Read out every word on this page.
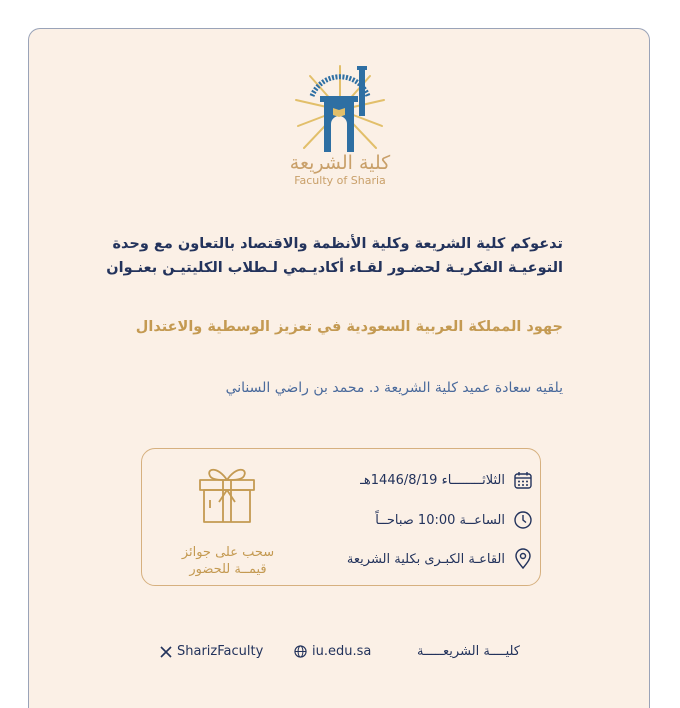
كلية الشريعة
Faculty of Sharia
تدعوكم كلية الشريعة وكلية الأنظمة والاقتصاد بالتعاون مع وحدة
التوعيـة الفكريـة لحضـور لقـاء أكاديـمي لـطلاب الكليتيـن بعنـوان
جهود المملكة العربية السعودية في تعزيز الوسطية والاعتدال
يلقيه سعادة عميد كلية الشريعة د. محمد بن راضي السناني
الثلاثــــــــاء 1446/8/19هـ
الساعــة 10:00 صباحــاً
القاعـة الكبـرى بكلية الشريعة
سحب على جوائز
قيمــة للحضور
SharizFaculty	iu.edu.sa	كليــــة الشريعـــــة
